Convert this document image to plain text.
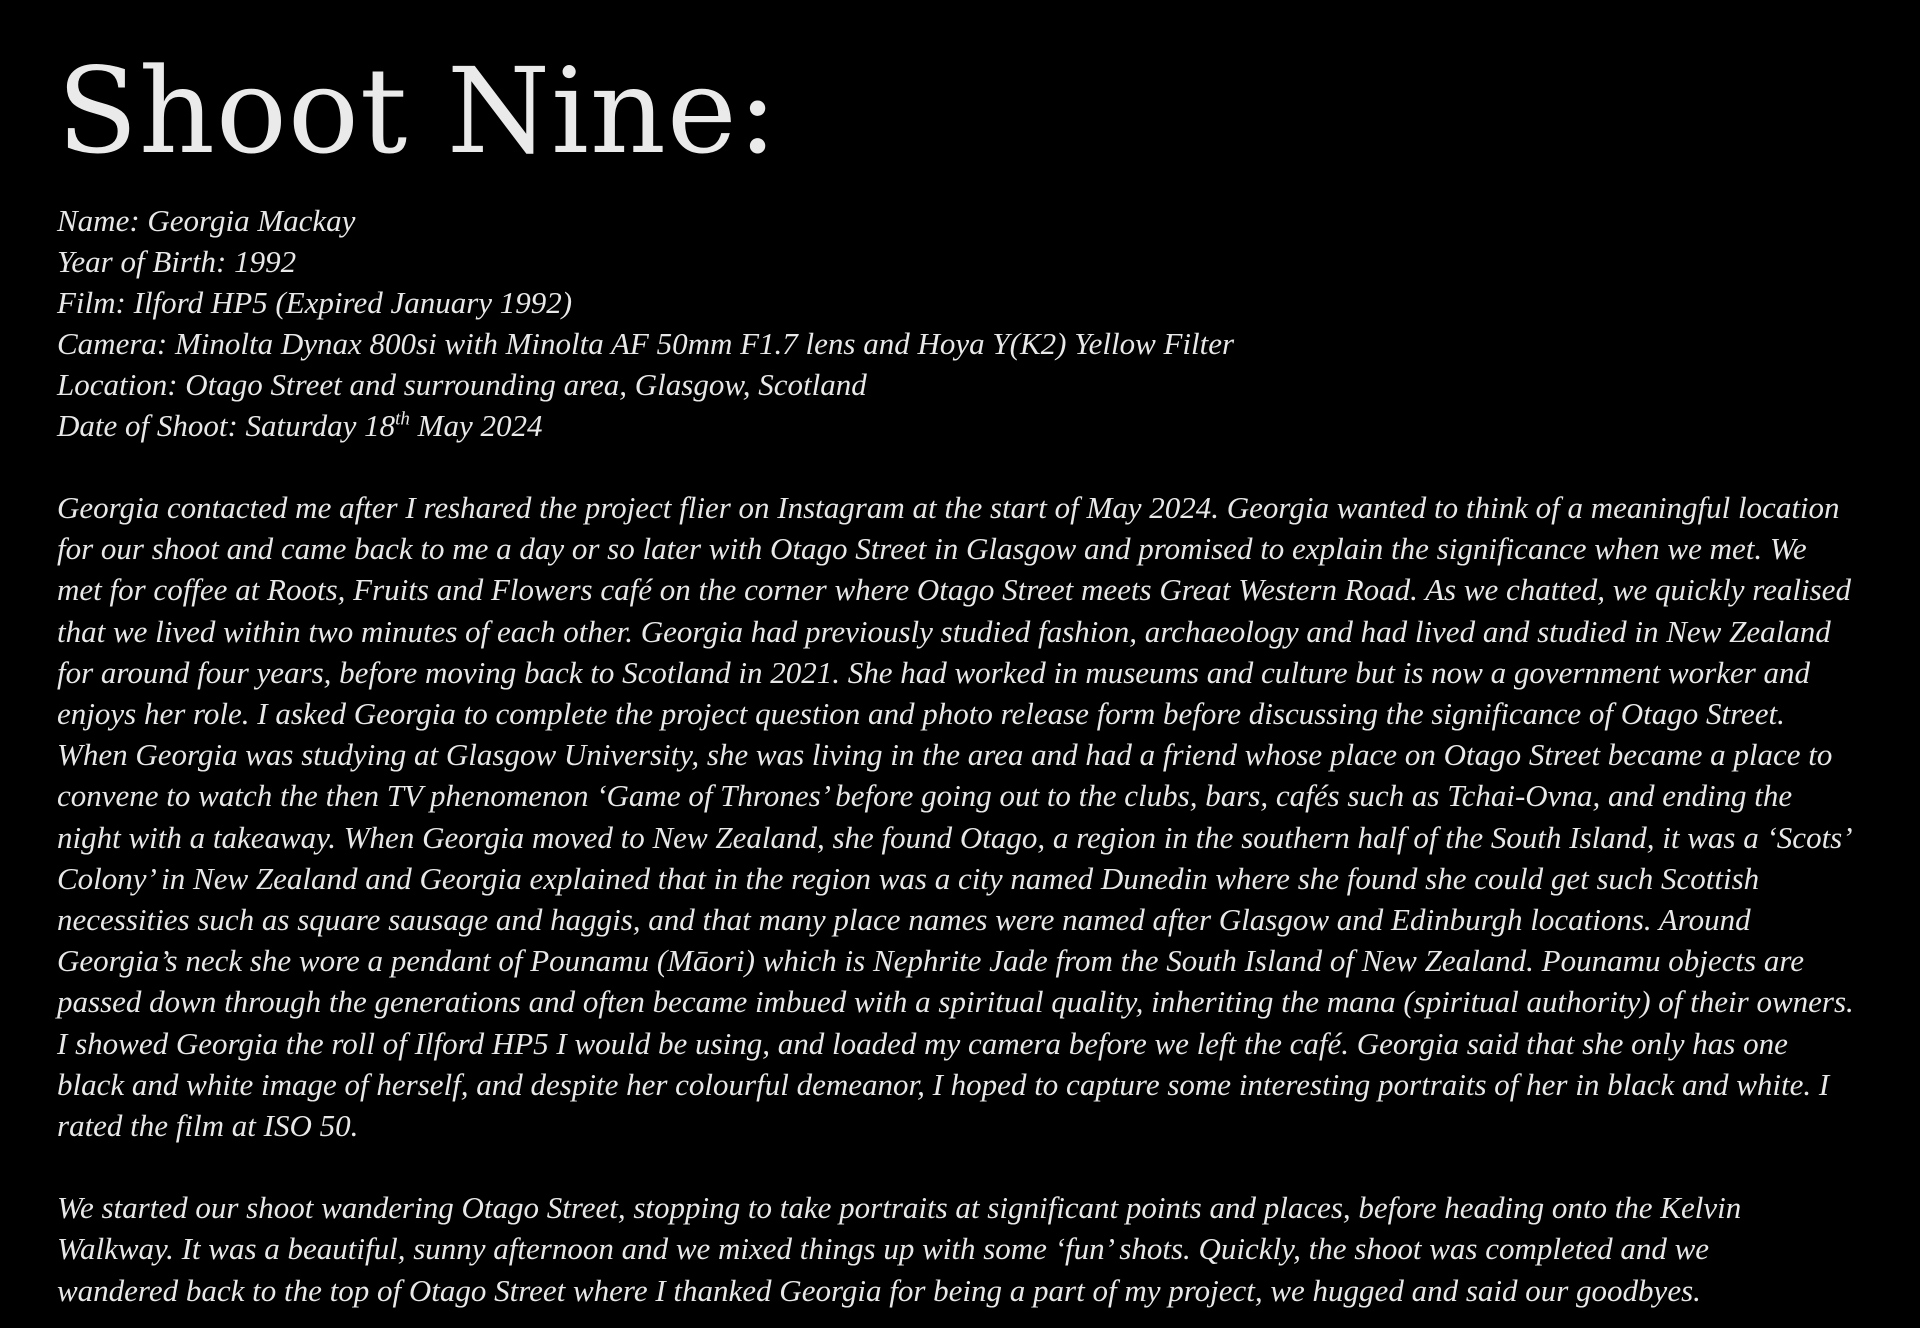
Shoot Nine:
Name: Georgia Mackay
Year of Birth: 1992
Film: Ilford HP5 (Expired January 1992)
Camera: Minolta Dynax 800si with Minolta AF 50mm F1.7 lens and Hoya Y(K2) Yellow Filter
Location: Otago Street and surrounding area, Glasgow, Scotland
Date of Shoot: Saturday 18th May 2024

Georgia contacted me after I reshared the project flier on Instagram at the start of May 2024. Georgia wanted to think of a meaningful location for our shoot and came back to me a day or so later with Otago Street in Glasgow and promised to explain the significance when we met. We met for coffee at Roots, Fruits and Flowers café on the corner where Otago Street meets Great Western Road. As we chatted, we quickly realised that we lived within two minutes of each other. Georgia had previously studied fashion, archaeology and had lived and studied in New Zealand for around four years, before moving back to Scotland in 2021. She had worked in museums and culture but is now a government worker and enjoys her role. I asked Georgia to complete the project question and photo release form before discussing the significance of Otago Street. When Georgia was studying at Glasgow University, she was living in the area and had a friend whose place on Otago Street became a place to convene to watch the then TV phenomenon ‘Game of Thrones’ before going out to the clubs, bars, cafés such as Tchai-Ovna, and ending the night with a takeaway. When Georgia moved to New Zealand, she found Otago, a region in the southern half of the South Island, it was a ‘Scots’ Colony’ in New Zealand and Georgia explained that in the region was a city named Dunedin where she found she could get such Scottish necessities such as square sausage and haggis, and that many place names were named after Glasgow and Edinburgh locations. Around Georgia’s neck she wore a pendant of Pounamu (Māori) which is Nephrite Jade from the South Island of New Zealand. Pounamu objects are passed down through the generations and often became imbued with a spiritual quality, inheriting the mana (spiritual authority) of their owners. I showed Georgia the roll of Ilford HP5 I would be using, and loaded my camera before we left the café. Georgia said that she only has one black and white image of herself, and despite her colourful demeanor, I hoped to capture some interesting portraits of her in black and white. I rated the film at ISO 50.

We started our shoot wandering Otago Street, stopping to take portraits at significant points and places, before heading onto the Kelvin Walkway. It was a beautiful, sunny afternoon and we mixed things up with some ‘fun’ shots. Quickly, the shoot was completed and we wandered back to the top of Otago Street where I thanked Georgia for being a part of my project, we hugged and said our goodbyes.
